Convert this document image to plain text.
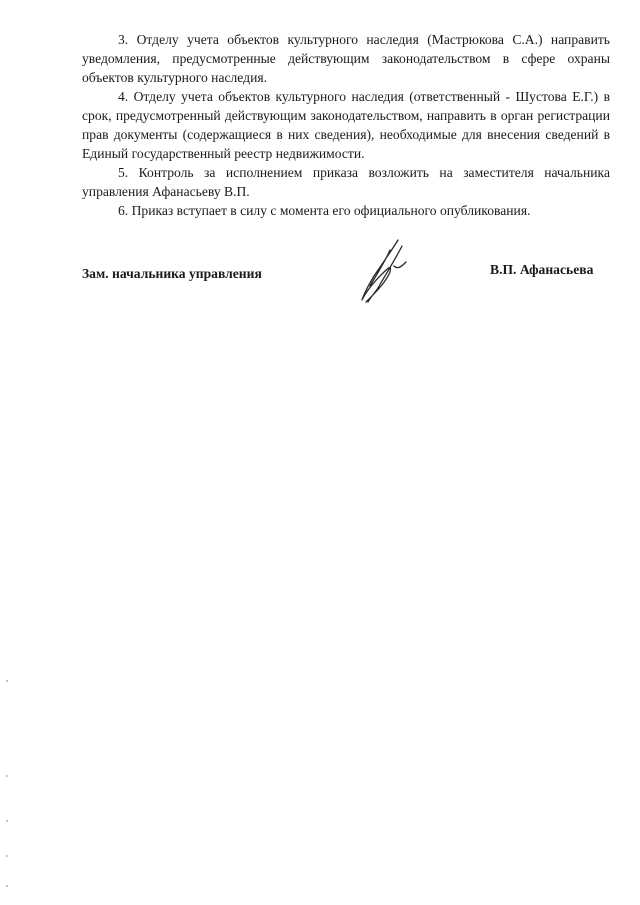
3. Отделу учета объектов культурного наследия (Мастрюкова С.А.) направить уведомления, предусмотренные действующим законодательством в сфере охраны объектов культурного наследия.

4. Отделу учета объектов культурного наследия (ответственный - Шустова Е.Г.) в срок, предусмотренный действующим законодательством, направить в орган регистрации прав документы (содержащиеся в них сведения), необходимые для внесения сведений в Единый государственный реестр недвижимости.

5. Контроль за исполнением приказа возложить на заместителя начальника управления Афанасьеву В.П.

6. Приказ вступает в силу с момента его официального опубликования.

Зам. начальника управления	В.П. Афанасьева
